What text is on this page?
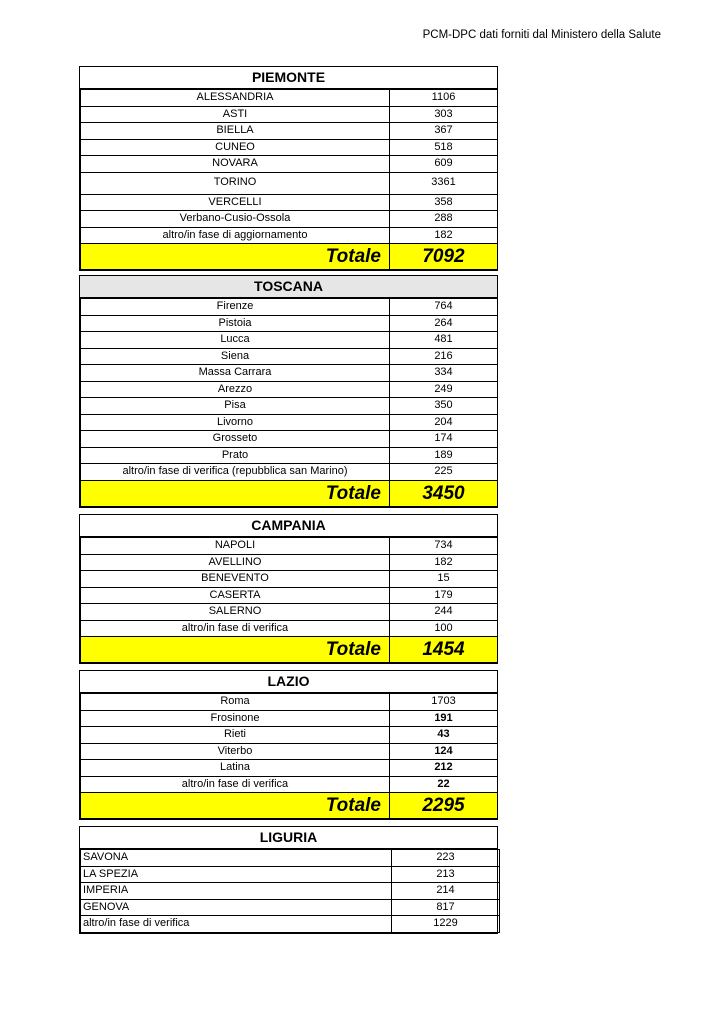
PCM-DPC dati forniti dal Ministero della Salute
PIEMONTE
ALESSANDRIA	1106
ASTI	303
BIELLA	367
CUNEO	518
NOVARA	609
TORINO	3361
VERCELLI	358
Verbano-Cusio-Ossola	288
altro/in fase di aggiornamento	182
Totale	7092
TOSCANA
Firenze	764
Pistoia	264
Lucca	481
Siena	216
Massa Carrara	334
Arezzo	249
Pisa	350
Livorno	204
Grosseto	174
Prato	189
altro/in fase di verifica (repubblica san Marino)	225
Totale	3450
CAMPANIA
NAPOLI	734
AVELLINO	182
BENEVENTO	15
CASERTA	179
SALERNO	244
altro/in fase di verifica	100
Totale	1454
LAZIO
Roma	1703
Frosinone	191
Rieti	43
Viterbo	124
Latina	212
altro/in fase di verifica	22
Totale	2295
LIGURIA
SAVONA	223
LA SPEZIA	213
IMPERIA	214
GENOVA	817
altro/in fase di verifica	1229
